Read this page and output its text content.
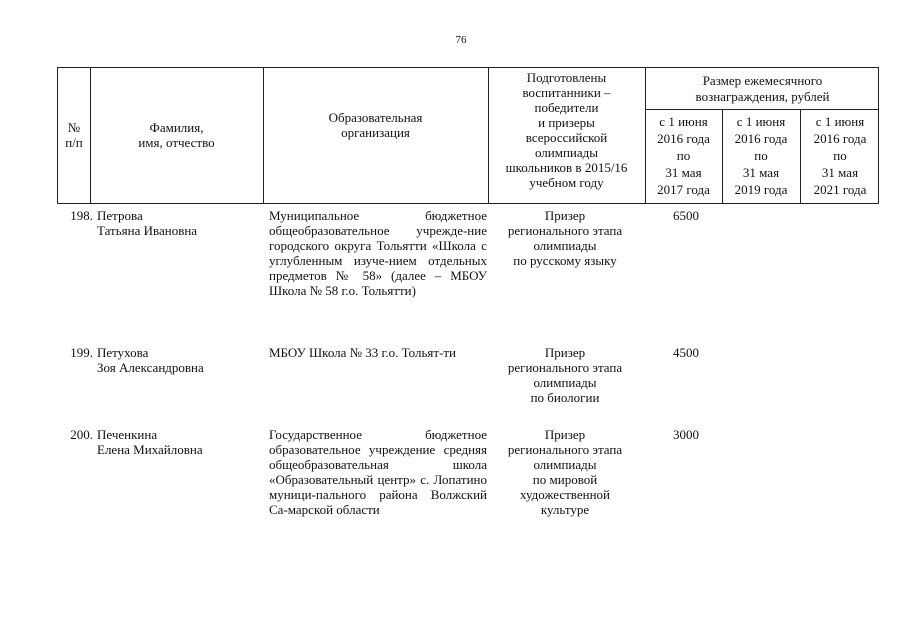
76
№
п/п
Фамилия,
имя, отчество
Образовательная
организация
Подготовлены
воспитанники –
победители
и призеры
всероссийской
олимпиады
школьников в 2015/16
учебном году
Размер ежемесячного
вознаграждения, рублей
с 1 июня
2016 года
по
31 мая
2017 года
с 1 июня
2016 года
по
31 мая
2019 года
с 1 июня
2016 года
по
31 мая
2021 года
198. Петрова
Татьяна Ивановна
Муниципальное бюджетное общеобразовательное учрежде-ние городского округа Тольятти «Школа с углубленным изуче-нием отдельных предметов № 58» (далее – МБОУ Школа № 58 г.о. Тольятти)
Призер
регионального этапа
олимпиады
по русскому языку
6500
199. Петухова
Зоя Александровна
МБОУ Школа № 33 г.о. Тольят-ти	Призер
регионального этапа
олимпиады
по биологии
4500
200. Печенкина
Елена Михайловна
Государственное бюджетное образовательное учреждение средняя общеобразовательная школа «Образовательный центр» с. Лопатино муници-пального района Волжский Са-марской области
Призер
регионального этапа
олимпиады
по мировой
художественной
культуре
3000
